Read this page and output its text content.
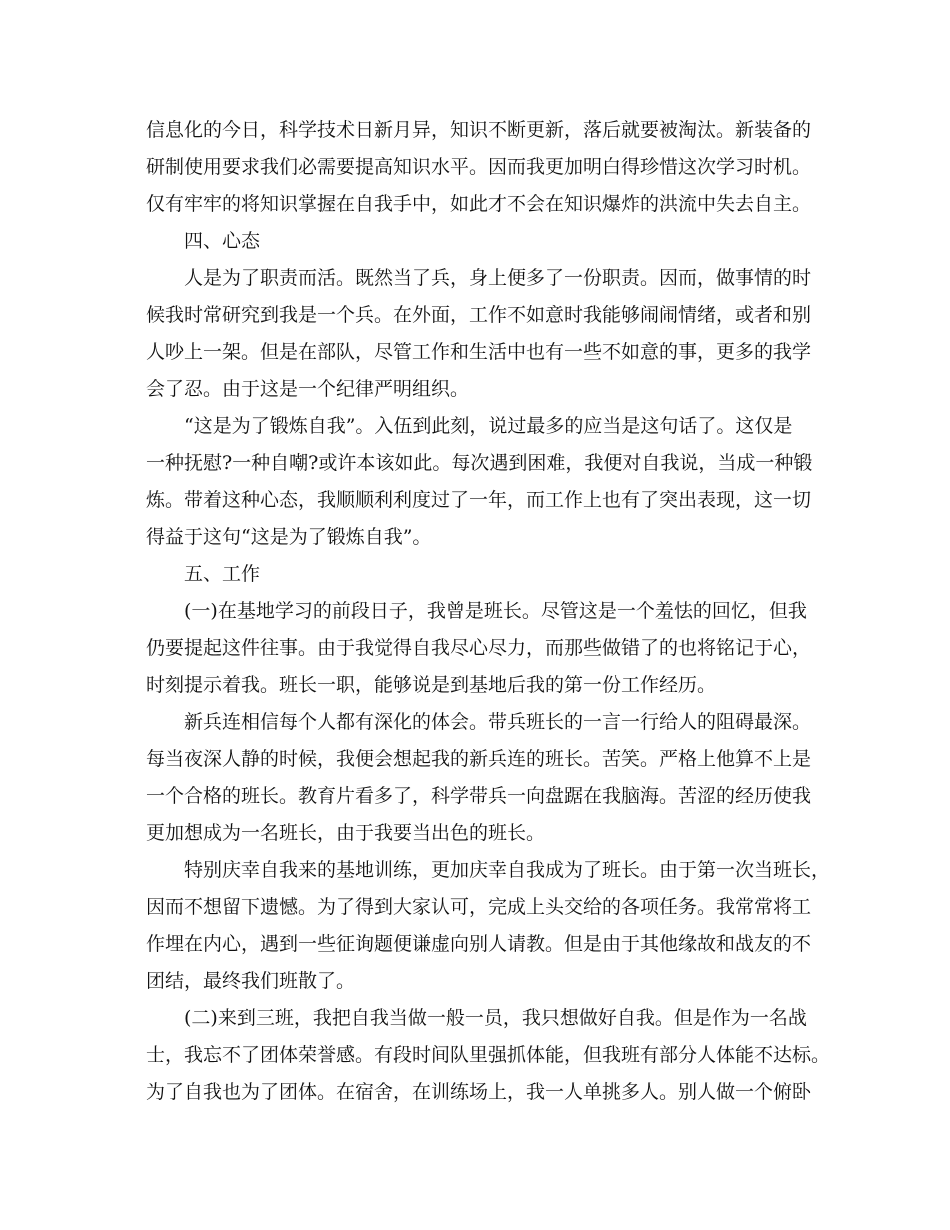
信息化的今日，科学技术日新月异，知识不断更新，落后就要被淘汰。新装备的
研制使用要求我们必需要提高知识水平。因而我更加明白得珍惜这次学习时机。
仅有牢牢的将知识掌握在自我手中，如此才不会在知识爆炸的洪流中失去自主。
四、心态
人是为了职责而活。既然当了兵，身上便多了一份职责。因而，做事情的时
候我时常研究到我是一个兵。在外面，工作不如意时我能够闹闹情绪，或者和别
人吵上一架。但是在部队，尽管工作和生活中也有一些不如意的事，更多的我学
会了忍。由于这是一个纪律严明组织。
“这是为了锻炼自我”。入伍到此刻，说过最多的应当是这句话了。这仅是
一种抚慰?一种自嘲?或许本该如此。每次遇到困难，我便对自我说，当成一种锻
炼。带着这种心态，我顺顺利利度过了一年，而工作上也有了突出表现，这一切
得益于这句“这是为了锻炼自我”。
五、工作
(一)在基地学习的前段日子，我曾是班长。尽管这是一个羞怯的回忆，但我
仍要提起这件往事。由于我觉得自我尽心尽力，而那些做错了的也将铭记于心，
时刻提示着我。班长一职，能够说是到基地后我的第一份工作经历。
新兵连相信每个人都有深化的体会。带兵班长的一言一行给人的阻碍最深。
每当夜深人静的时候，我便会想起我的新兵连的班长。苦笑。严格上他算不上是
一个合格的班长。教育片看多了，科学带兵一向盘踞在我脑海。苦涩的经历使我
更加想成为一名班长，由于我要当出色的班长。
特别庆幸自我来的基地训练，更加庆幸自我成为了班长。由于第一次当班长，
因而不想留下遗憾。为了得到大家认可，完成上头交给的各项任务。我常常将工
作埋在内心，遇到一些征询题便谦虚向别人请教。但是由于其他缘故和战友的不
团结，最终我们班散了。
(二)来到三班，我把自我当做一般一员，我只想做好自我。但是作为一名战
士，我忘不了团体荣誉感。有段时间队里强抓体能，但我班有部分人体能不达标。
为了自我也为了团体。在宿舍，在训练场上，我一人单挑多人。别人做一个俯卧
